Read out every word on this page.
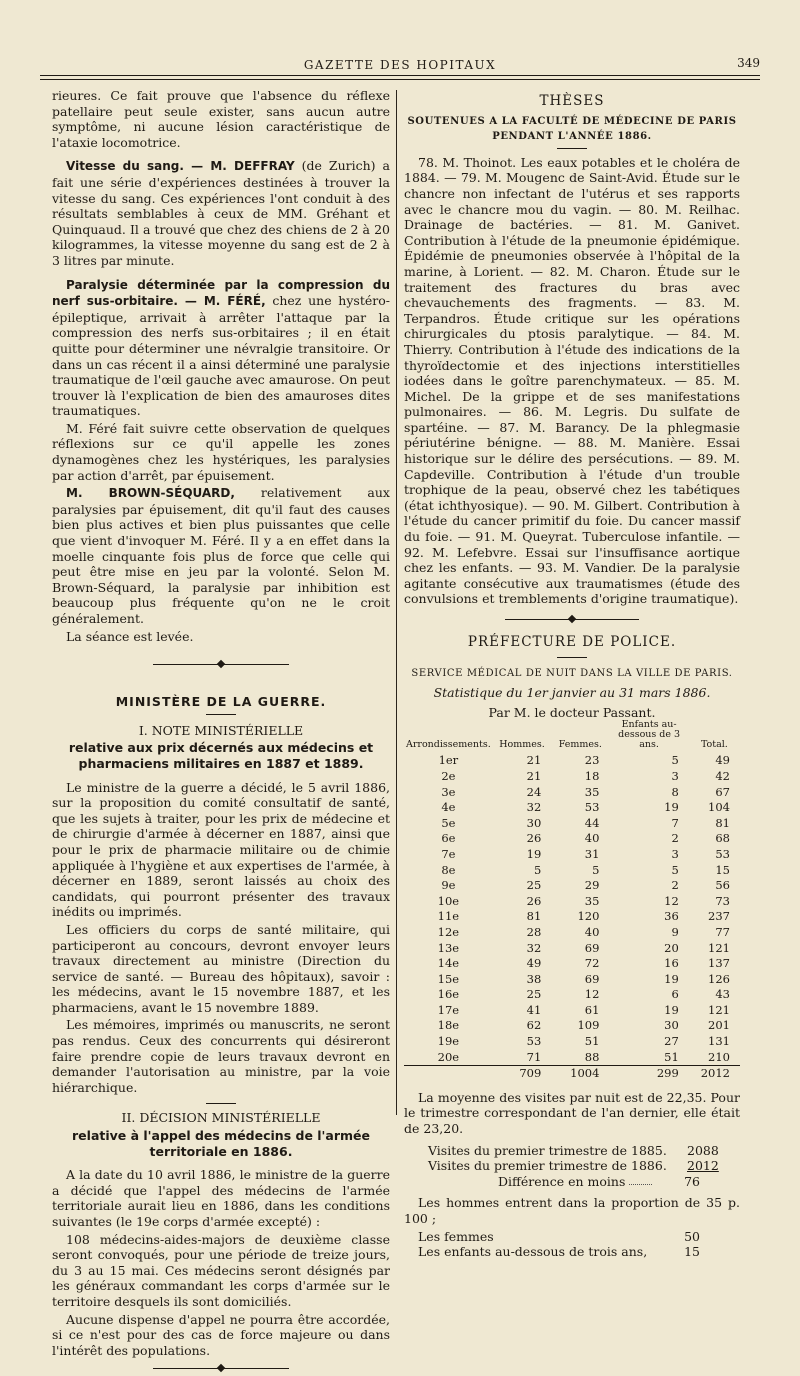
GAZETTE DES HOPITAUX	349

rieures. Ce fait prouve que l'absence du réflexe patellaire peut seule exister, sans aucun autre symptôme, ni aucune lésion caractéristique de l'ataxie locomotrice.

Vitesse du sang. — M. DEFFRAY (de Zurich) a fait une série d'expériences destinées à trouver la vitesse du sang. Ces expériences l'ont conduit à des résultats semblables à ceux de MM. Gréhant et Quinquaud. Il a trouvé que chez des chiens de 2 à 20 kilogrammes, la vitesse moyenne du sang est de 2 à 3 litres par minute.

Paralysie déterminée par la compression du nerf sus-orbitaire. — M. FÉRÉ, chez une hystéro-épileptique, arrivait à arrêter l'attaque par la compression des nerfs sus-orbitaires ; il en était quitte pour déterminer une névralgie transitoire. Or dans un cas récent il a ainsi déterminé une paralysie traumatique de l'œil gauche avec amaurose. On peut trouver là l'explication de bien des amauroses dites traumatiques.

M. Féré fait suivre cette observation de quelques réflexions sur ce qu'il appelle les zones dynamogènes chez les hystériques, les paralysies par action d'arrêt, par épuisement.

M. BROWN-SÉQUARD, relativement aux paralysies par épuisement, dit qu'il faut des causes bien plus actives et bien plus puissantes que celle que vient d'invoquer M. Féré. Il y a en effet dans la moelle cinquante fois plus de force que celle qui peut être mise en jeu par la volonté. Selon M. Brown-Séquard, la paralysie par inhibition est beaucoup plus fréquente qu'on ne le croit généralement.

La séance est levée.

MINISTÈRE DE LA GUERRE.

I. NOTE MINISTÉRIELLE

relative aux prix décernés aux médecins et pharmaciens militaires en 1887 et 1889.

Le ministre de la guerre a décidé, le 5 avril 1886, sur la proposition du comité consultatif de santé, que les sujets à traiter, pour les prix de médecine et de chirurgie d'armée à décerner en 1887, ainsi que pour le prix de pharmacie militaire ou de chimie appliquée à l'hygiène et aux expertises de l'armée, à décerner en 1889, seront laissés au choix des candidats, qui pourront présenter des travaux inédits ou imprimés.

Les officiers du corps de santé militaire, qui participeront au concours, devront envoyer leurs travaux directement au ministre (Direction du service de santé. — Bureau des hôpitaux), savoir : les médecins, avant le 15 novembre 1887, et les pharmaciens, avant le 15 novembre 1889.

Les mémoires, imprimés ou manuscrits, ne seront pas rendus. Ceux des concurrents qui désireront faire prendre copie de leurs travaux devront en demander l'autorisation au ministre, par la voie hiérarchique.

II. DÉCISION MINISTÉRIELLE

relative à l'appel des médecins de l'armée territoriale en 1886.

A la date du 10 avril 1886, le ministre de la guerre a décidé que l'appel des médecins de l'armée territoriale aurait lieu en 1886, dans les conditions suivantes (le 19e corps d'armée excepté) :

108 médecins-aides-majors de deuxième classe seront convoqués, pour une période de treize jours, du 3 au 15 mai. Ces médecins seront désignés par les généraux commandant les corps d'armée sur le territoire desquels ils sont domiciliés.

Aucune dispense d'appel ne pourra être accordée, si ce n'est pour des cas de force majeure ou dans l'intérêt des populations.

THÈSES

SOUTENUES A LA FACULTÉ DE MÉDECINE DE PARIS

PENDANT L'ANNÉE 1886.

78. M. Thoinot. Les eaux potables et le choléra de 1884. — 79. M. Mougenc de Saint-Avid. Étude sur le chancre non infectant de l'utérus et ses rapports avec le chancre mou du vagin. — 80. M. Reilhac. Drainage de bactéries. — 81. M. Ganivet. Contribution à l'étude de la pneumonie épidémique. Épidémie de pneumonies observée à l'hôpital de la marine, à Lorient. — 82. M. Charon. Étude sur le traitement des fractures du bras avec chevauchements des fragments. — 83. M. Terpandros. Étude critique sur les opérations chirurgicales du ptosis paralytique. — 84. M. Thierry. Contribution à l'étude des indications de la thyroïdectomie et des injections interstitielles iodées dans le goître parenchymateux. — 85. M. Michel. De la grippe et de ses manifestations pulmonaires. — 86. M. Legris. Du sulfate de spartéine. — 87. M. Barancy. De la phlegmasie périutérine bénigne. — 88. M. Manière. Essai historique sur le délire des persécutions. — 89. M. Capdeville. Contribution à l'étude d'un trouble trophique de la peau, observé chez les tabétiques (état ichthyosique). — 90. M. Gilbert. Contribution à l'étude du cancer primitif du foie. Du cancer massif du foie. — 91. M. Queyrat. Tuberculose infantile. — 92. M. Lefebvre. Essai sur l'insuffisance aortique chez les enfants. — 93. M. Vandier. De la paralysie agitante consécutive aux traumatismes (étude des convulsions et tremblements d'origine traumatique).

PRÉFECTURE DE POLICE.

SERVICE MÉDICAL DE NUIT DANS LA VILLE DE PARIS.

Statistique du 1er janvier au 31 mars 1886.

Par M. le docteur Passant.

Arrondissements.	Hommes.	Femmes.	Enfants au-dessous de 3 ans.	Total.
1er	21	23	5	49
2e	21	18	3	42
3e	24	35	8	67
4e	32	53	19	104
5e	30	44	7	81
6e	26	40	2	68
7e	19	31	3	53
8e	5	5	5	15
9e	25	29	2	56
10e	26	35	12	73
11e	81	120	36	237
12e	28	40	9	77
13e	32	69	20	121
14e	49	72	16	137
15e	38	69	19	126
16e	25	12	6	43
17e	41	61	19	121
18e	62	109	30	201
19e	53	51	27	131
20e	71	88	51	210
	709	1004	299	2012

La moyenne des visites par nuit est de 22,35. Pour le trimestre correspondant de l'an dernier, elle était de 23,20.

Visites du premier trimestre de 1885.	2088
Visites du premier trimestre de 1886.	2012
Différence en moins	76

Les hommes entrent dans la proportion de 35 p. 100 ;

Les femmes	50
Les enfants au-dessous de trois ans,	15
